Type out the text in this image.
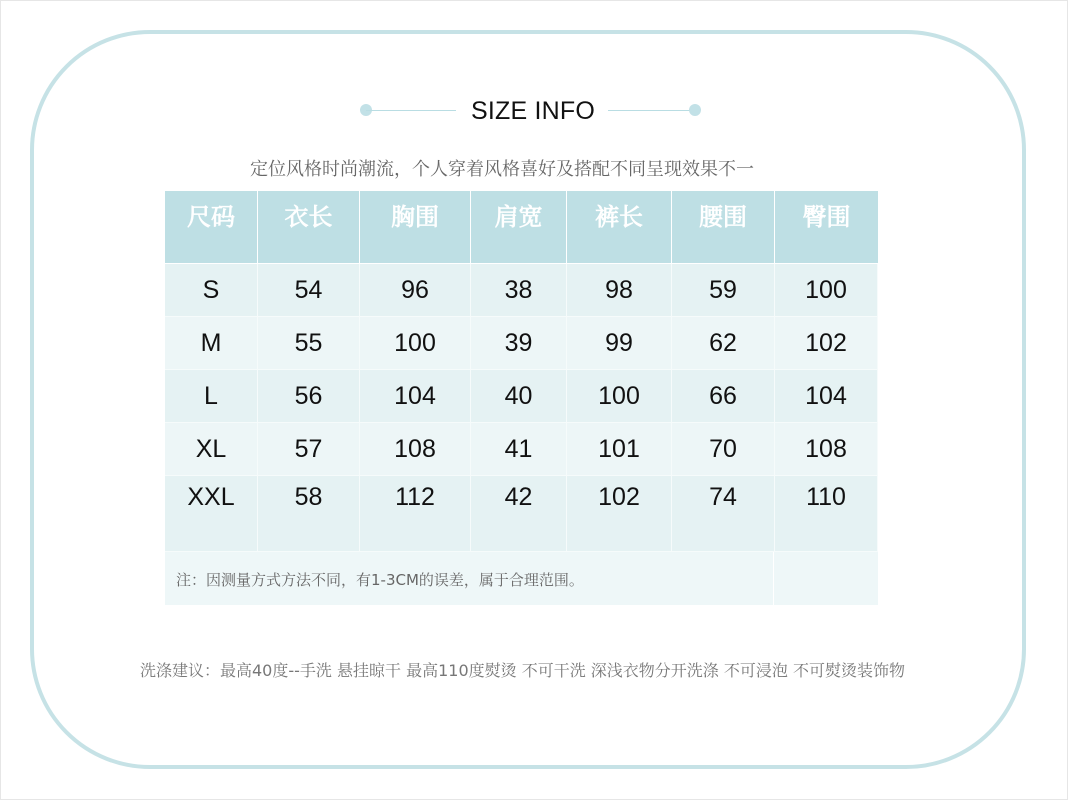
SIZE INFO
定位风格时尚潮流，个人穿着风格喜好及搭配不同呈现效果不一
尺码	衣长	胸围	肩宽	裤长	腰围	臀围
S	54	96	38	98	59	100
M	55	100	39	99	62	102
L	56	104	40	100	66	104
XL	57	108	41	101	70	108
XXL	58	112	42	102	74	110
注：因测量方式方法不同，有1-3CM的误差，属于合理范围。
洗涤建议：最高40度--手洗 悬挂晾干 最高110度熨烫 不可干洗 深浅衣物分开洗涤 不可浸泡 不可熨烫装饰物
